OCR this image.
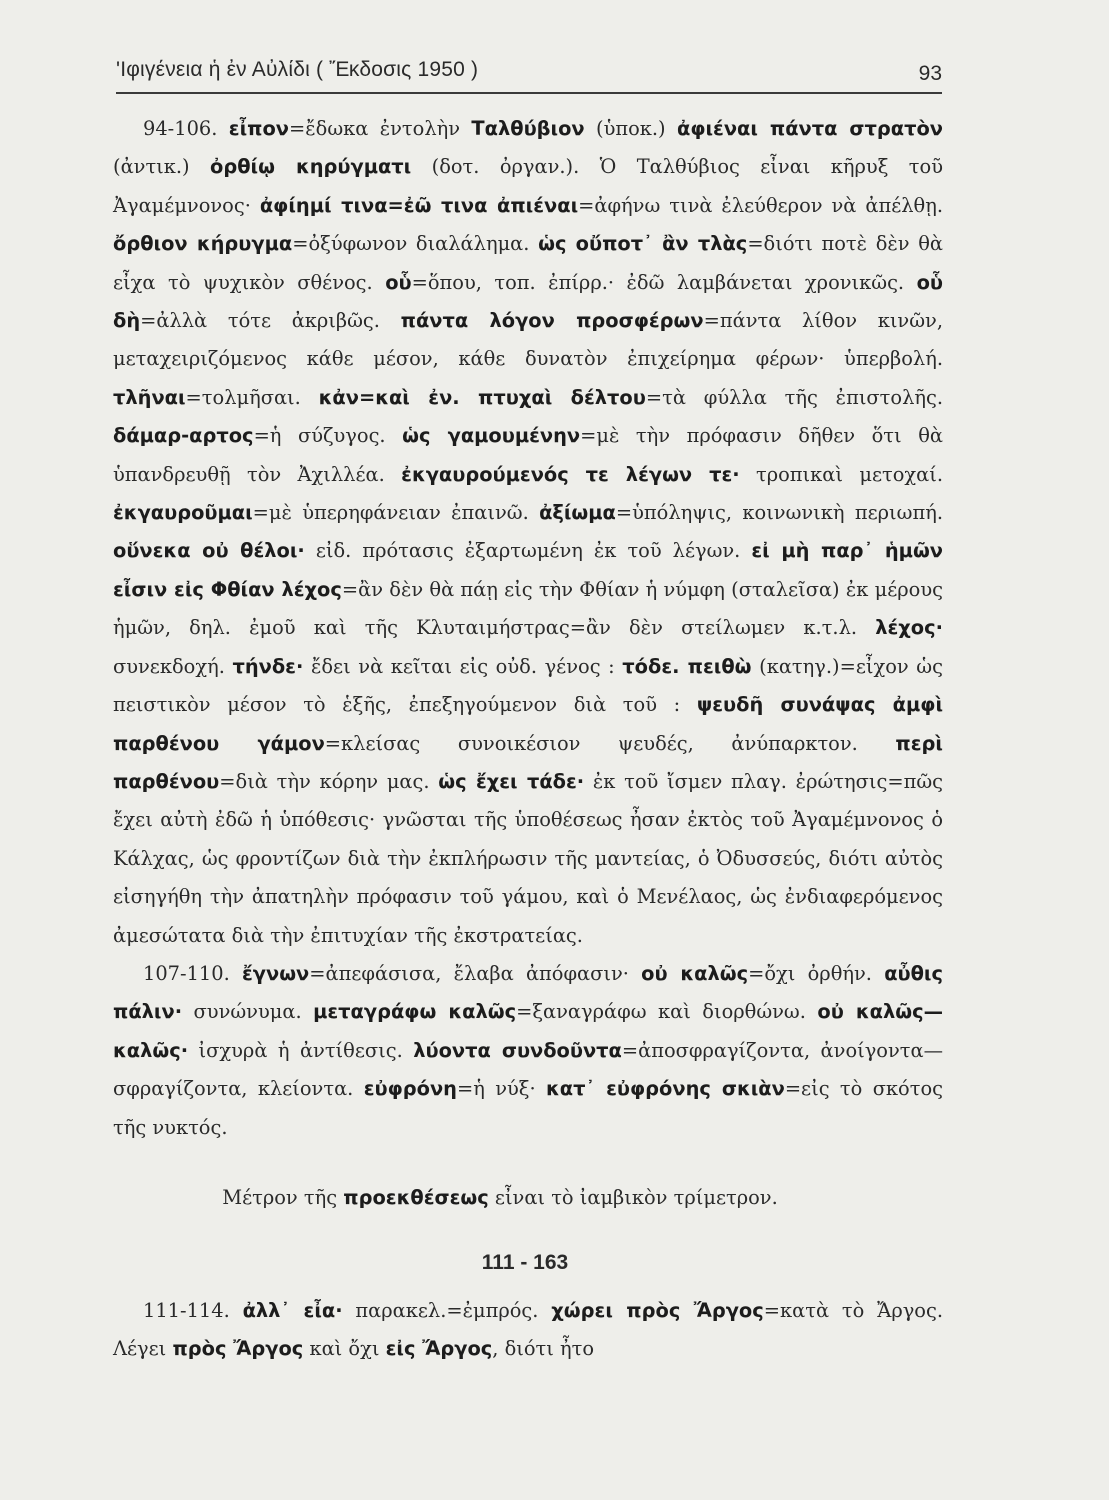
'Ιφιγένεια ἡ ἐν Αὐλίδι ( Ἔκδοσις 1950 )	93

94-106. εἶπον=ἔδωκα ἐντολὴν Ταλθύβιον (ὑποκ.) ἀφιέναι πάντα στρατὸν (ἀντικ.) ὀρθίῳ κηρύγματι (δοτ. ὀργαν.). Ὁ Ταλθύβιος εἶναι κῆρυξ τοῦ Ἀγαμέμνονος· ἀφίημί τινα=ἐῶ τινα ἀπιέναι=ἀφήνω τινὰ ἐλεύθερον νὰ ἀπέλθῃ. ὄρθιον κήρυγμα=ὀξύφωνον διαλάλημα. ὡς οὔποτ᾽ ἂν τλὰς=διότι ποτὲ δὲν θὰ εἶχα τὸ ψυχικὸν σθένος. οὗ=ὅπου, τοπ. ἐπίρρ.· ἐδῶ λαμβάνεται χρονικῶς. οὗ δὴ=ἀλλὰ τότε ἀκριβῶς. πάντα λόγον προσφέρων=πάντα λίθον κινῶν, μεταχειριζόμενος κάθε μέσον, κάθε δυνατὸν ἐπιχείρημα φέρων· ὑπερβολή. τλῆναι=τολμῆσαι. κἀν=καὶ ἐν. πτυχαὶ δέλτου=τὰ φύλλα τῆς ἐπιστολῆς. δάμαρ-αρτος=ἡ σύζυγος. ὡς γαμουμένην=μὲ τὴν πρόφασιν δῆθεν ὅτι θὰ ὑπανδρευθῇ τὸν Ἀχιλλέα. ἐκγαυρούμενός τε λέγων τε· τροπικαὶ μετοχαί. ἐκγαυροῦμαι=μὲ ὑπερηφάνειαν ἐπαινῶ. ἀξίωμα=ὑπόληψις, κοινωνικὴ περιωπή. οὕνεκα οὐ θέλοι· εἰδ. πρότασις ἐξαρτωμένη ἐκ τοῦ λέγων. εἰ μὴ παρ᾽ ἡμῶν εἶσιν εἰς Φθίαν λέχος=ἂν δὲν θὰ πάῃ εἰς τὴν Φθίαν ἡ νύμφη (σταλεῖσα) ἐκ μέρους ἡμῶν, δηλ. ἐμοῦ καὶ τῆς Κλυταιμήστρας=ἂν δὲν στείλωμεν κ.τ.λ. λέχος· συνεκδοχή. τήνδε· ἔδει νὰ κεῖται εἰς οὐδ. γένος : τόδε. πειθὼ (κατηγ.)=εἶχον ὡς πειστικὸν μέσον τὸ ἑξῆς, ἐπεξηγούμενον διὰ τοῦ : ψευδῆ συνάψας ἀμφὶ παρθένου γάμον=κλείσας συνοικέσιον ψευδές, ἀνύπαρκτον. περὶ παρθένου=διὰ τὴν κόρην μας. ὡς ἔχει τάδε· ἐκ τοῦ ἴσμεν πλαγ. ἐρώτησις=πῶς ἔχει αὐτὴ ἐδῶ ἡ ὑπόθεσις· γνῶσται τῆς ὑποθέσεως ἦσαν ἐκτὸς τοῦ Ἀγαμέμνονος ὁ Κάλχας, ὡς φροντίζων διὰ τὴν ἐκπλήρωσιν τῆς μαντείας, ὁ Ὀδυσσεύς, διότι αὐτὸς εἰσηγήθη τὴν ἀπατηλὴν πρόφασιν τοῦ γάμου, καὶ ὁ Μενέλαος, ὡς ἐνδιαφερόμενος ἀμεσώτατα διὰ τὴν ἐπιτυχίαν τῆς ἐκστρατείας.

107-110. ἔγνων=ἀπεφάσισα, ἔλαβα ἀπόφασιν· οὐ καλῶς=ὄχι ὀρθήν. αὖθις πάλιν· συνώνυμα. μεταγράφω καλῶς=ξαναγράφω καὶ διορθώνω. οὐ καλῶς—καλῶς· ἰσχυρὰ ἡ ἀντίθεσις. λύοντα συνδοῦντα=ἀποσφραγίζοντα, ἀνοίγοντα—σφραγίζοντα, κλείοντα. εὐφρόνη=ἡ νύξ· κατ᾽ εὐφρόνης σκιὰν=εἰς τὸ σκότος τῆς νυκτός.

Μέτρον τῆς προεκθέσεως εἶναι τὸ ἰαμβικὸν τρίμετρον.
111 - 163

111-114. ἀλλ᾽ εἶα· παρακελ.=ἐμπρός. χώρει πρὸς Ἄργος=κατὰ τὸ Ἄργος. Λέγει πρὸς Ἄργος καὶ ὄχι εἰς Ἄργος, διότι ἦτο
